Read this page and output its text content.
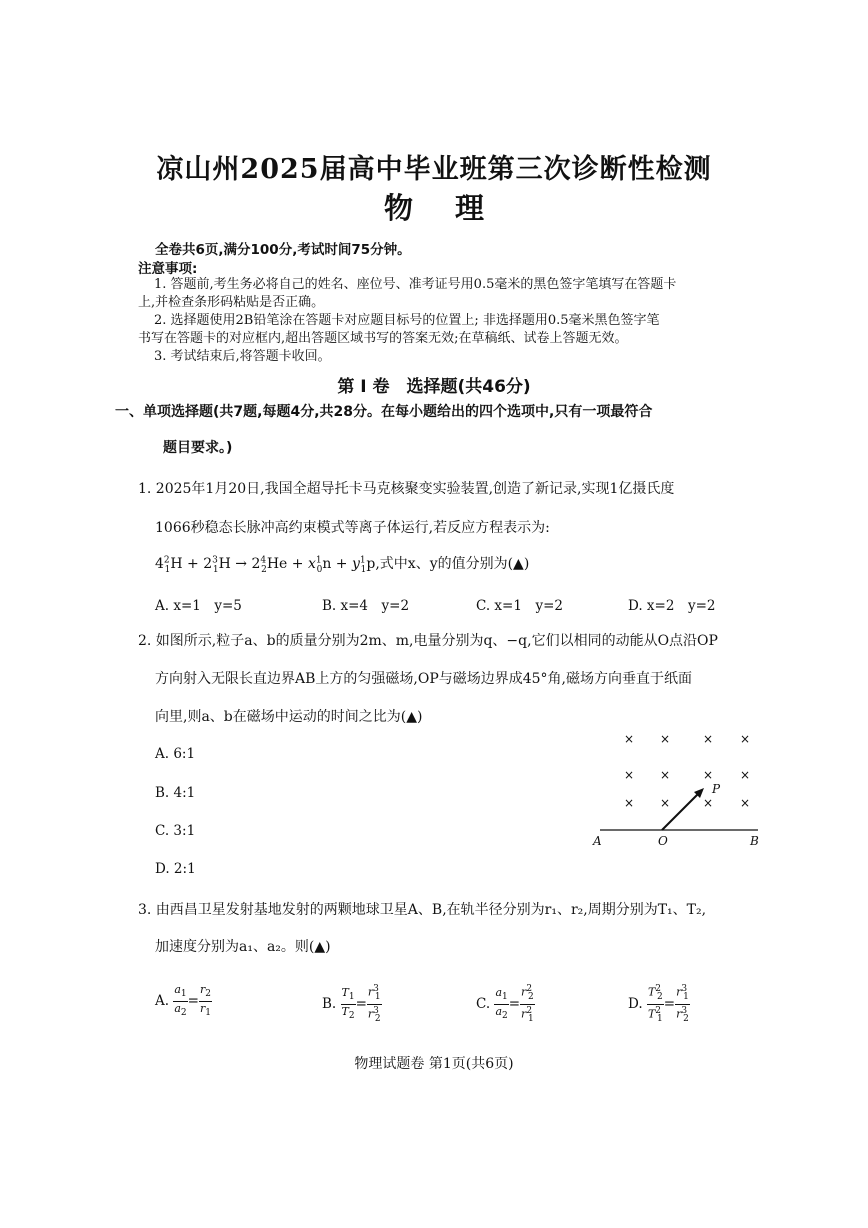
凉山州2025届高中毕业班第三次诊断性检测
物 理
全卷共6页,满分100分,考试时间75分钟。
注意事项:
1. 答题前,考生务必将自己的姓名、座位号、准考证号用0.5毫米的黑色签字笔填写在答题卡
上,并检查条形码粘贴是否正确。
2. 选择题使用2B铅笔涂在答题卡对应题目标号的位置上; 非选择题用0.5毫米黑色签字笔
书写在答题卡的对应框内,超出答题区域书写的答案无效;在草稿纸、试卷上答题无效。
3. 考试结束后,将答题卡收回。
第 Ⅰ 卷　选择题(共46分)
一、单项选择题(共7题,每题4分,共28分。在每小题给出的四个选项中,只有一项最符合
题目要求。)
1. 2025年1月20日,我国全超导托卡马克核聚变实验装置,创造了新记录,实现1亿摄氏度
1066秒稳态长脉冲高约束模式等离子体运行,若反应方程表示为:
$4^2_1H + 2^3_1H \to 2^4_2He + x^1_0n + y^1_1p$,式中x、y的值分别为(▲)
A. x=1　y=5	B. x=4　y=2	C. x=1　y=2	D. x=2　y=2
2. 如图所示,粒子a、b的质量分别为2m、m,电量分别为q、−q,它们以相同的动能从O点沿OP
方向射入无限长直边界AB上方的匀强磁场,OP与磁场边界成45°角,磁场方向垂直于纸面
向里,则a、b在磁场中运动的时间之比为(▲)
A. 6:1
B. 4:1
C. 3:1
D. 2:1
× ×	× ×
× ×	× ×
× ×	× ×
A	O	B
P
3. 由西昌卫星发射基地发射的两颗地球卫星A、B,在轨半径分别为r₁、r₂,周期分别为T₁、T₂,
加速度分别为a₁、a₂。则(▲)
A. $\frac{a_1}{a_2} = \frac{r_2}{r_1}$	B. $\frac{T_1}{T_2} = \frac{r^3_1}{r^3_2}$	C. $\frac{a_1}{a_2} = \frac{r^2_2}{r^2_1}$	D. $\frac{T^2_2}{T^2_1} = \frac{r^3_1}{r^3_2}$
物理试题卷 第1页(共6页)
